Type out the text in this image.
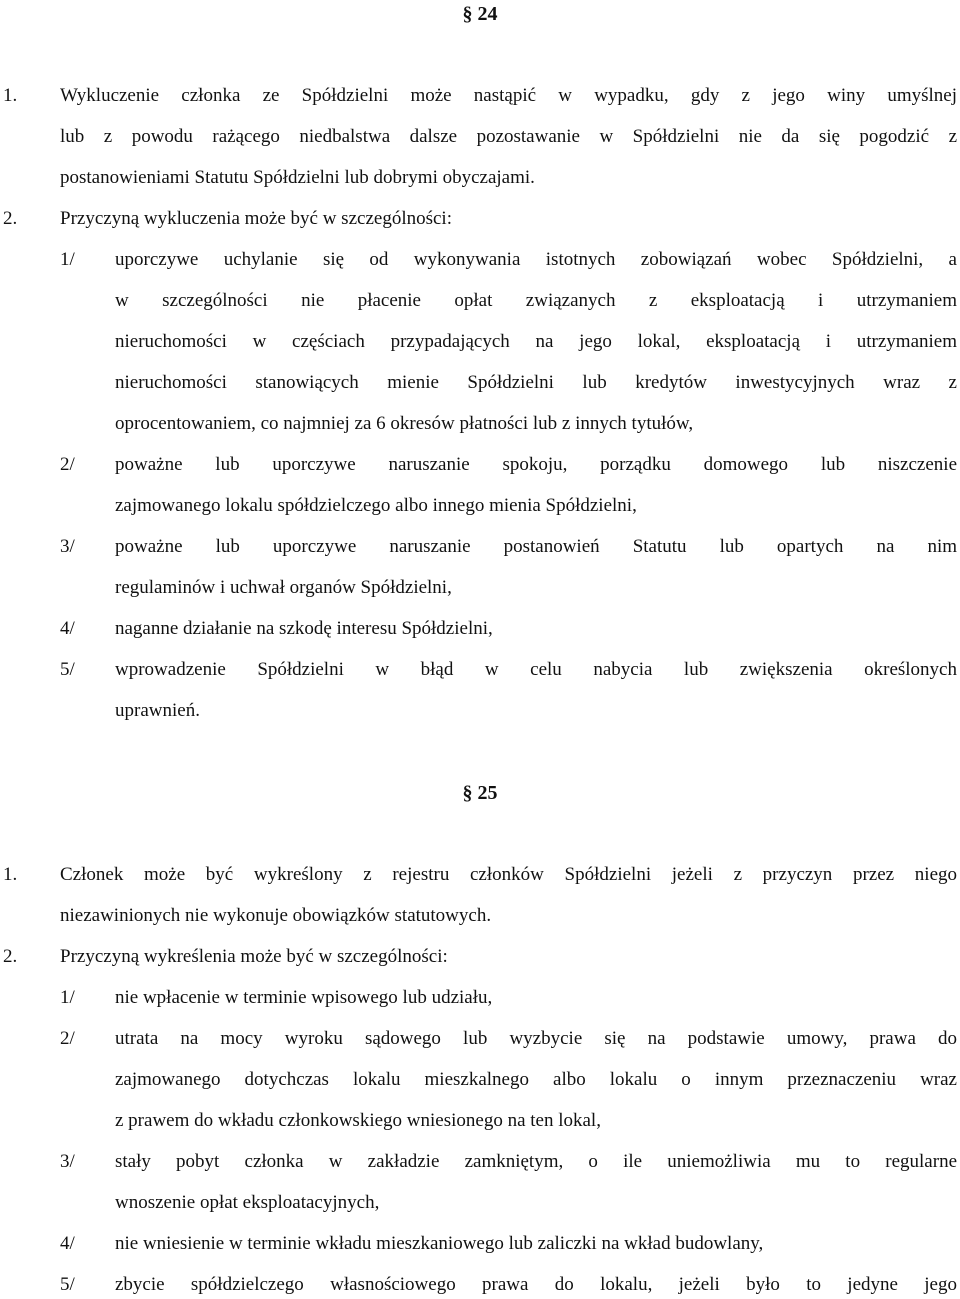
§ 24
1. Wykluczenie członka ze Spółdzielni może nastąpić w wypadku, gdy z jego winy umyślnej
lub z powodu rażącego niedbalstwa dalsze pozostawanie w Spółdzielni nie da się pogodzić z
postanowieniami Statutu Spółdzielni lub dobrymi obyczajami.
2. Przyczyną wykluczenia może być w szczególności:
1/ uporczywe uchylanie się od wykonywania istotnych zobowiązań wobec Spółdzielni, a
w szczególności nie płacenie opłat związanych z eksploatacją i utrzymaniem
nieruchomości w częściach przypadających na jego lokal, eksploatacją i utrzymaniem
nieruchomości stanowiących mienie Spółdzielni lub kredytów inwestycyjnych wraz z
oprocentowaniem, co najmniej za 6 okresów płatności lub z innych tytułów,
2/ poważne lub uporczywe naruszanie spokoju, porządku domowego lub niszczenie
zajmowanego lokalu spółdzielczego albo innego mienia Spółdzielni,
3/ poważne lub uporczywe naruszanie postanowień Statutu lub opartych na nim
regulaminów i uchwał organów Spółdzielni,
4/ naganne działanie na szkodę interesu Spółdzielni,
5/ wprowadzenie Spółdzielni w błąd w celu nabycia lub zwiększenia określonych
uprawnień.
§ 25
1. Członek może być wykreślony z rejestru członków Spółdzielni jeżeli z przyczyn przez niego
niezawinionych nie wykonuje obowiązków statutowych.
2. Przyczyną wykreślenia może być w szczególności:
1/ nie wpłacenie w terminie wpisowego lub udziału,
2/ utrata na mocy wyroku sądowego lub wyzbycie się na podstawie umowy, prawa do
zajmowanego dotychczas lokalu mieszkalnego albo lokalu o innym przeznaczeniu wraz
z prawem do wkładu członkowskiego wniesionego na ten lokal,
3/ stały pobyt członka w zakładzie zamkniętym, o ile uniemożliwia mu to regularne
wnoszenie opłat eksploatacyjnych,
4/ nie wniesienie w terminie wkładu mieszkaniowego lub zaliczki na wkład budowlany,
5/ zbycie spółdzielczego własnościowego prawa do lokalu, jeżeli było to jedyne jego
